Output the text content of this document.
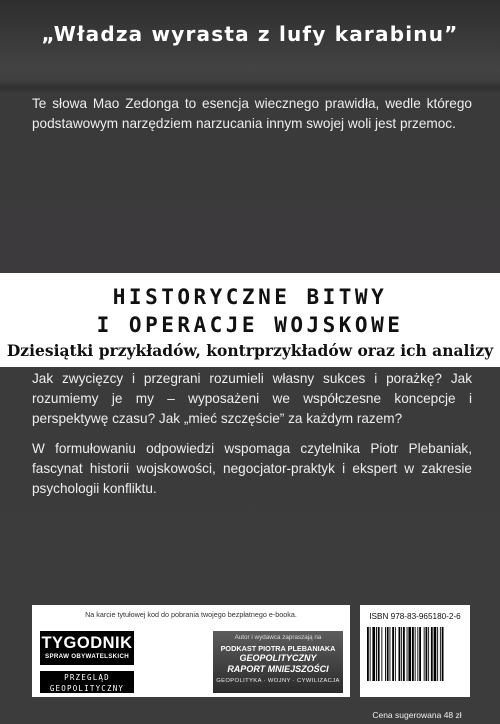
„Władza wyrasta z lufy karabinu”
Te słowa Mao Zedonga to esencja wiecznego prawidła, wedle którego podstawowym narzędziem narzucania innym swojej woli jest przemoc.
HISTORYCZNE BITWY
I OPERACJE WOJSKOWE
Dziesiątki przykładów, kontrprzykładów oraz ich analizy

Jak zwycięzcy i przegrani rozumieli własny sukces i porażkę? Jak rozumiemy je my – wyposażeni we współczesne koncepcje i perspektywę czasu? Jak „mieć szczęście” za każdym razem?

W formułowaniu odpowiedzi wspomaga czytelnika Piotr Plebaniak, fascynat historii wojskowości, negocjator-praktyk i ekspert w zakresie psychologii konfliktu.

Na karcie tytułowej kod do pobrania twojego bezpłatnego e-booka.
TYGODNIK
SPRAW OBYWATELSKICH
PRZEGLĄD
GEOPOLITYCZNY
Autor i wydawca zapraszają na
PODKAST PIOTRA PLEBANIAKA
GEOPOLITYCZNY
RAPORT MNIEJSZOŚCI
GEOPOLITYKA · WOJNY · CYWILIZACJA
ISBN 978-83-965180-2-6
Cena sugerowana 48 zł
